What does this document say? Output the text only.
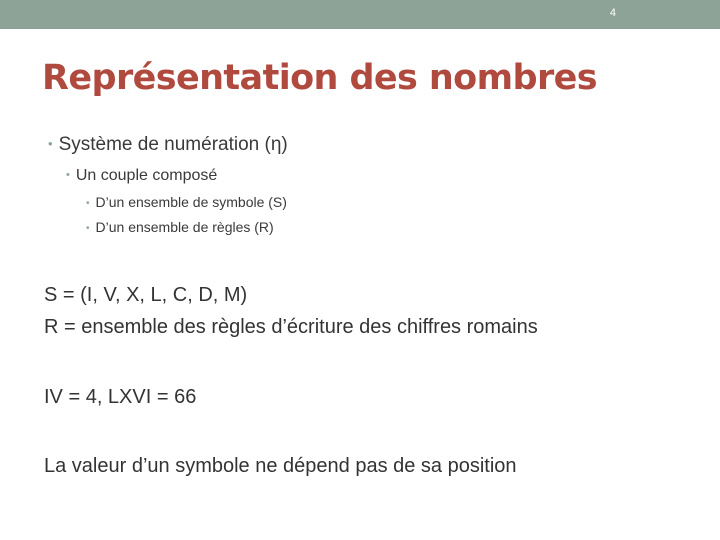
4
Représentation des nombres
• Système de numération (η)
• Un couple composé
• D’un ensemble de symbole (S)
• D’un ensemble de règles (R)

S = (I, V, X, L, C, D, M)

R = ensemble des règles d’écriture des chiffres romains

IV = 4, LXVI = 66

La valeur d’un symbole ne dépend pas de sa position
